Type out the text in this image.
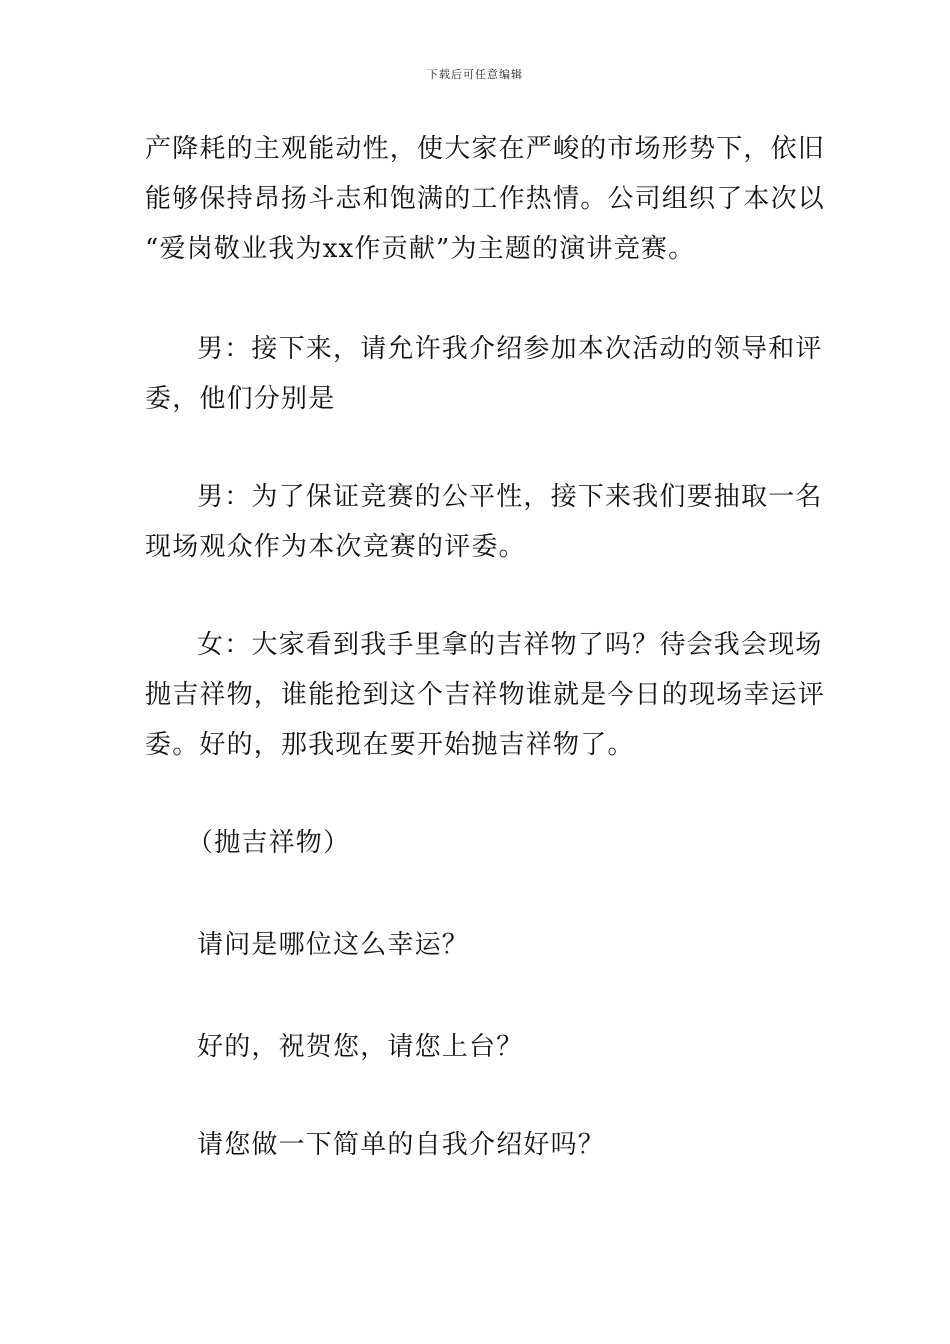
下载后可任意编辑
产降耗的主观能动性，使大家在严峻的市场形势下，依旧
能够保持昂扬斗志和饱满的工作热情。公司组织了本次以
“爱岗敬业我为xx作贡献”为主题的演讲竞赛。
男：接下来，请允许我介绍参加本次活动的领导和评
委，他们分别是
男：为了保证竞赛的公平性，接下来我们要抽取一名
现场观众作为本次竞赛的评委。
女：大家看到我手里拿的吉祥物了吗？待会我会现场
抛吉祥物，谁能抢到这个吉祥物谁就是今日的现场幸运评
委。好的，那我现在要开始抛吉祥物了。
（抛吉祥物）
请问是哪位这么幸运？
好的，祝贺您，请您上台？
请您做一下简单的自我介绍好吗？
